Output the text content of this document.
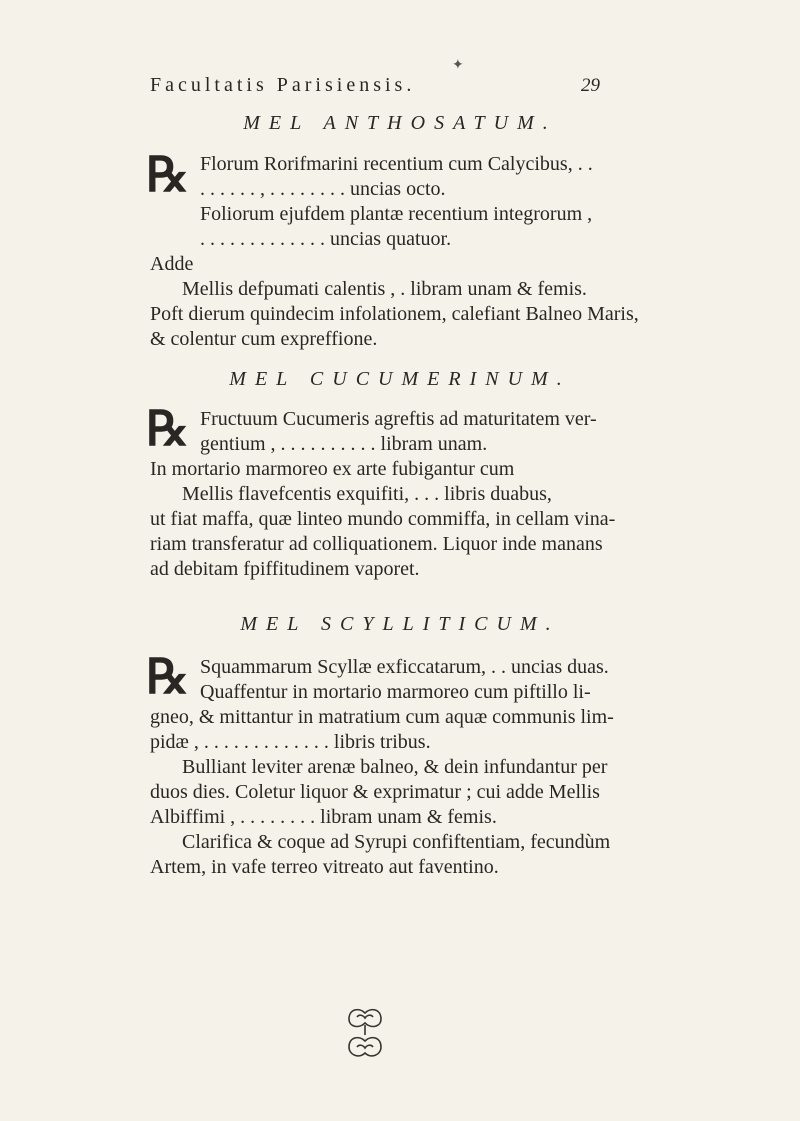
✦
Facultatis Parisiensis.	29
MEL ANTHOSATUM.
℞ Florum Rorifmarini recentium cum Calycibus, . .
. . . . . . , . . . . . . . . uncias octo.
Foliorum ejufdem plantæ recentium integrorum ,
. . . . . . . . . . . . . uncias quatuor.
Adde
Mellis defpumati calentis , . libram unam & femis.
Poft dierum quindecim infolationem, calefiant Balneo Maris,
& colentur cum expreffione.
MEL CUCUMERINUM.
℞ Fructuum Cucumeris agreftis ad maturitatem ver-
gentium , . . . . . . . . . . libram unam.
In mortario marmoreo ex arte fubigantur cum
Mellis flavefcentis exquifiti, . . . libris duabus,
ut fiat maffa, quæ linteo mundo commiffa, in cellam vina-
riam transferatur ad colliquationem. Liquor inde manans
ad debitam fpiffitudinem vaporet.
MEL SCYLLITICUM.
℞ Squammarum Scyllæ exficcatarum, . . uncias duas.
Quaffentur in mortario marmoreo cum piftillo li-
gneo, & mittantur in matratium cum aquæ communis lim-
pidæ , . . . . . . . . . . . . . libris tribus.
Bulliant leviter arenæ balneo, & dein infundantur per
duos dies. Coletur liquor & exprimatur ; cui adde Mellis
Albiffimi , . . . . . . . . libram unam & femis.
Clarifica & coque ad Syrupi confiftentiam, fecundùm
Artem, in vafe terreo vitreato aut faventino.
